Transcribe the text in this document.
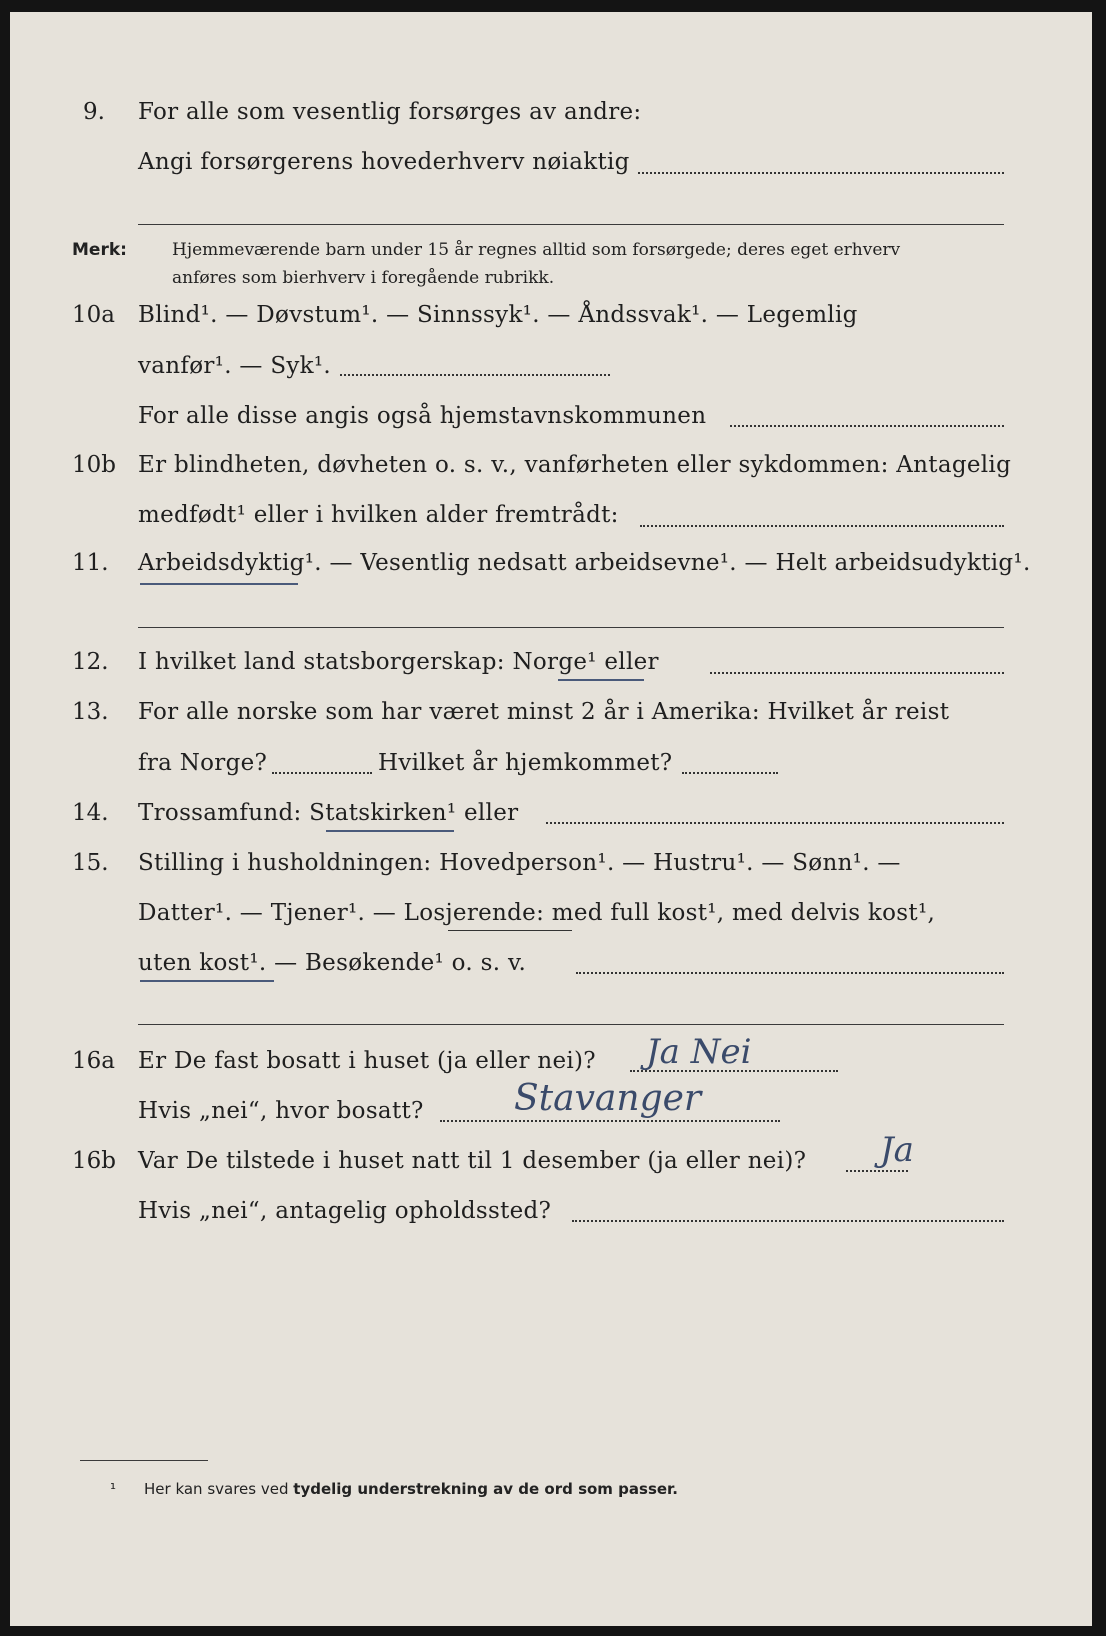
9. For alle som vesentlig forsørges av andre:
Angi forsørgerens hovederhverv nøiaktig
Merk:	Hjemmeværende barn under 15 år regnes alltid som forsørgede; deres eget erhverv
anføres som bierhverv i foregående rubrikk.
10a Blind¹. — Døvstum¹. — Sinnssyk¹. — Åndssvak¹. — Legemlig
vanfør¹. — Syk¹.
For alle disse angis også hjemstavnskommunen
10b Er blindheten, døvheten o. s. v., vanførheten eller sykdommen: Antagelig
medfødt¹ eller i hvilken alder fremtrådt:
11. Arbeidsdyktig¹. — Vesentlig nedsatt arbeidsevne¹. — Helt arbeidsudyktig¹.
12. I hvilket land statsborgerskap: Norge¹ eller
13. For alle norske som har været minst 2 år i Amerika: Hvilket år reist
fra Norge?	Hvilket år hjemkommet?
14. Trossamfund: Statskirken¹ eller
15. Stilling i husholdningen: Hovedperson¹. — Hustru¹. — Sønn¹. —
Datter¹. — Tjener¹. — Losjerende: med full kost¹, med delvis kost¹,
uten kost¹. — Besøkende¹ o. s. v.
16a Er De fast bosatt i huset (ja eller nei)? Ja Nei
Hvis „nei“, hvor bosatt?	Stavanger
16b Var De tilstede i huset natt til 1 desember (ja eller nei)? Ja
Hvis „nei“, antagelig opholdssted?
¹ Her kan svares ved tydelig understrekning av de ord som passer.
